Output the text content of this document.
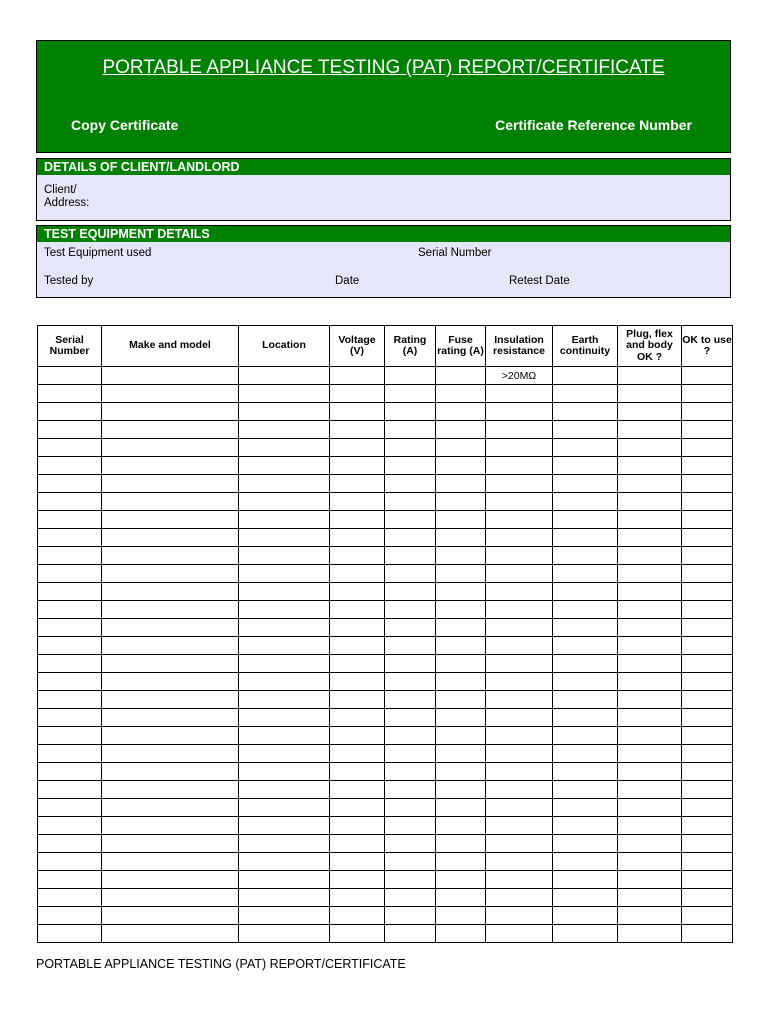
PORTABLE APPLIANCE TESTING (PAT) REPORT/CERTIFICATE
Copy Certificate	Certificate Reference Number
DETAILS OF CLIENT/LANDLORD
Client/
Address:
TEST EQUIPMENT DETAILS
Test Equipment used	Serial Number
Tested by	Date	Retest Date
Serial Number	Make and model	Location	Voltage (V)	Rating (A)	Fuse rating (A)	Insulation resistance	Earth continuity	Plug, flex and body OK ?	OK to use ?
						>20MΩ			

PORTABLE APPLIANCE TESTING (PAT) REPORT/CERTIFICATE
